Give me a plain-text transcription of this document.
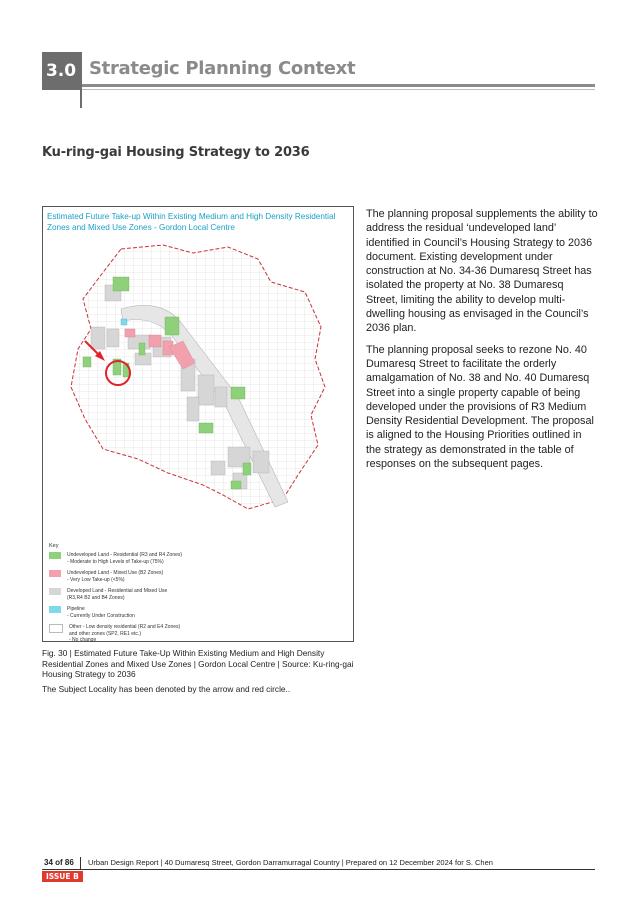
3.0 Strategic Planning Context
Ku-ring-gai Housing Strategy to 2036
Estimated Future Take-up Within Existing Medium and High Density Residential Zones and Mixed Use Zones - Gordon Local Centre
Key
Undeveloped Land - Residential (R3 and R4 Zones)
- Moderate to High Levels of Take-up (75%)
Undeveloped Land - Mixed Use (B2 Zones)
- Very Low Take-up (<5%)
Developed Land - Residential and Mixed Use
(R3,R4 B2 and B4 Zones)
Pipeline
- Currently Under Construction
Other - Low density residential (R2 and E4 Zones)
and other zones (SP2, RE1 etc.)
- No change

The planning proposal supplements the ability to address the residual ‘undeveloped land’ identified in Council’s Housing Strategy to 2036 document. Existing development under construction at No. 34-36 Dumaresq Street has isolated the property at No. 38 Dumaresq Street, limiting the ability to develop multi-dwelling housing as envisaged in the Council’s 2036 plan.

The planning proposal seeks to rezone No. 40 Dumaresq Street to facilitate the orderly amalgamation of No. 38 and No. 40 Dumaresq Street into a single property capable of being developed under the provisions of R3 Medium Density Residential Development. The proposal is aligned to the Housing Priorities outlined in the strategy as demonstrated in the table of responses on the subsequent pages.

Fig. 30 | Estimated Future Take-Up Within Existing Medium and High Density Residential Zones and Mixed Use Zones | Gordon Local Centre | Source: Ku-ring-gai Housing Strategy to 2036
The Subject Locality has been denoted by the arrow and red circle..
34 of 86 Urban Design Report | 40 Dumaresq Street, Gordon Darramurragal Country | Prepared on 12 December 2024 for S. Chen
ISSUE B
